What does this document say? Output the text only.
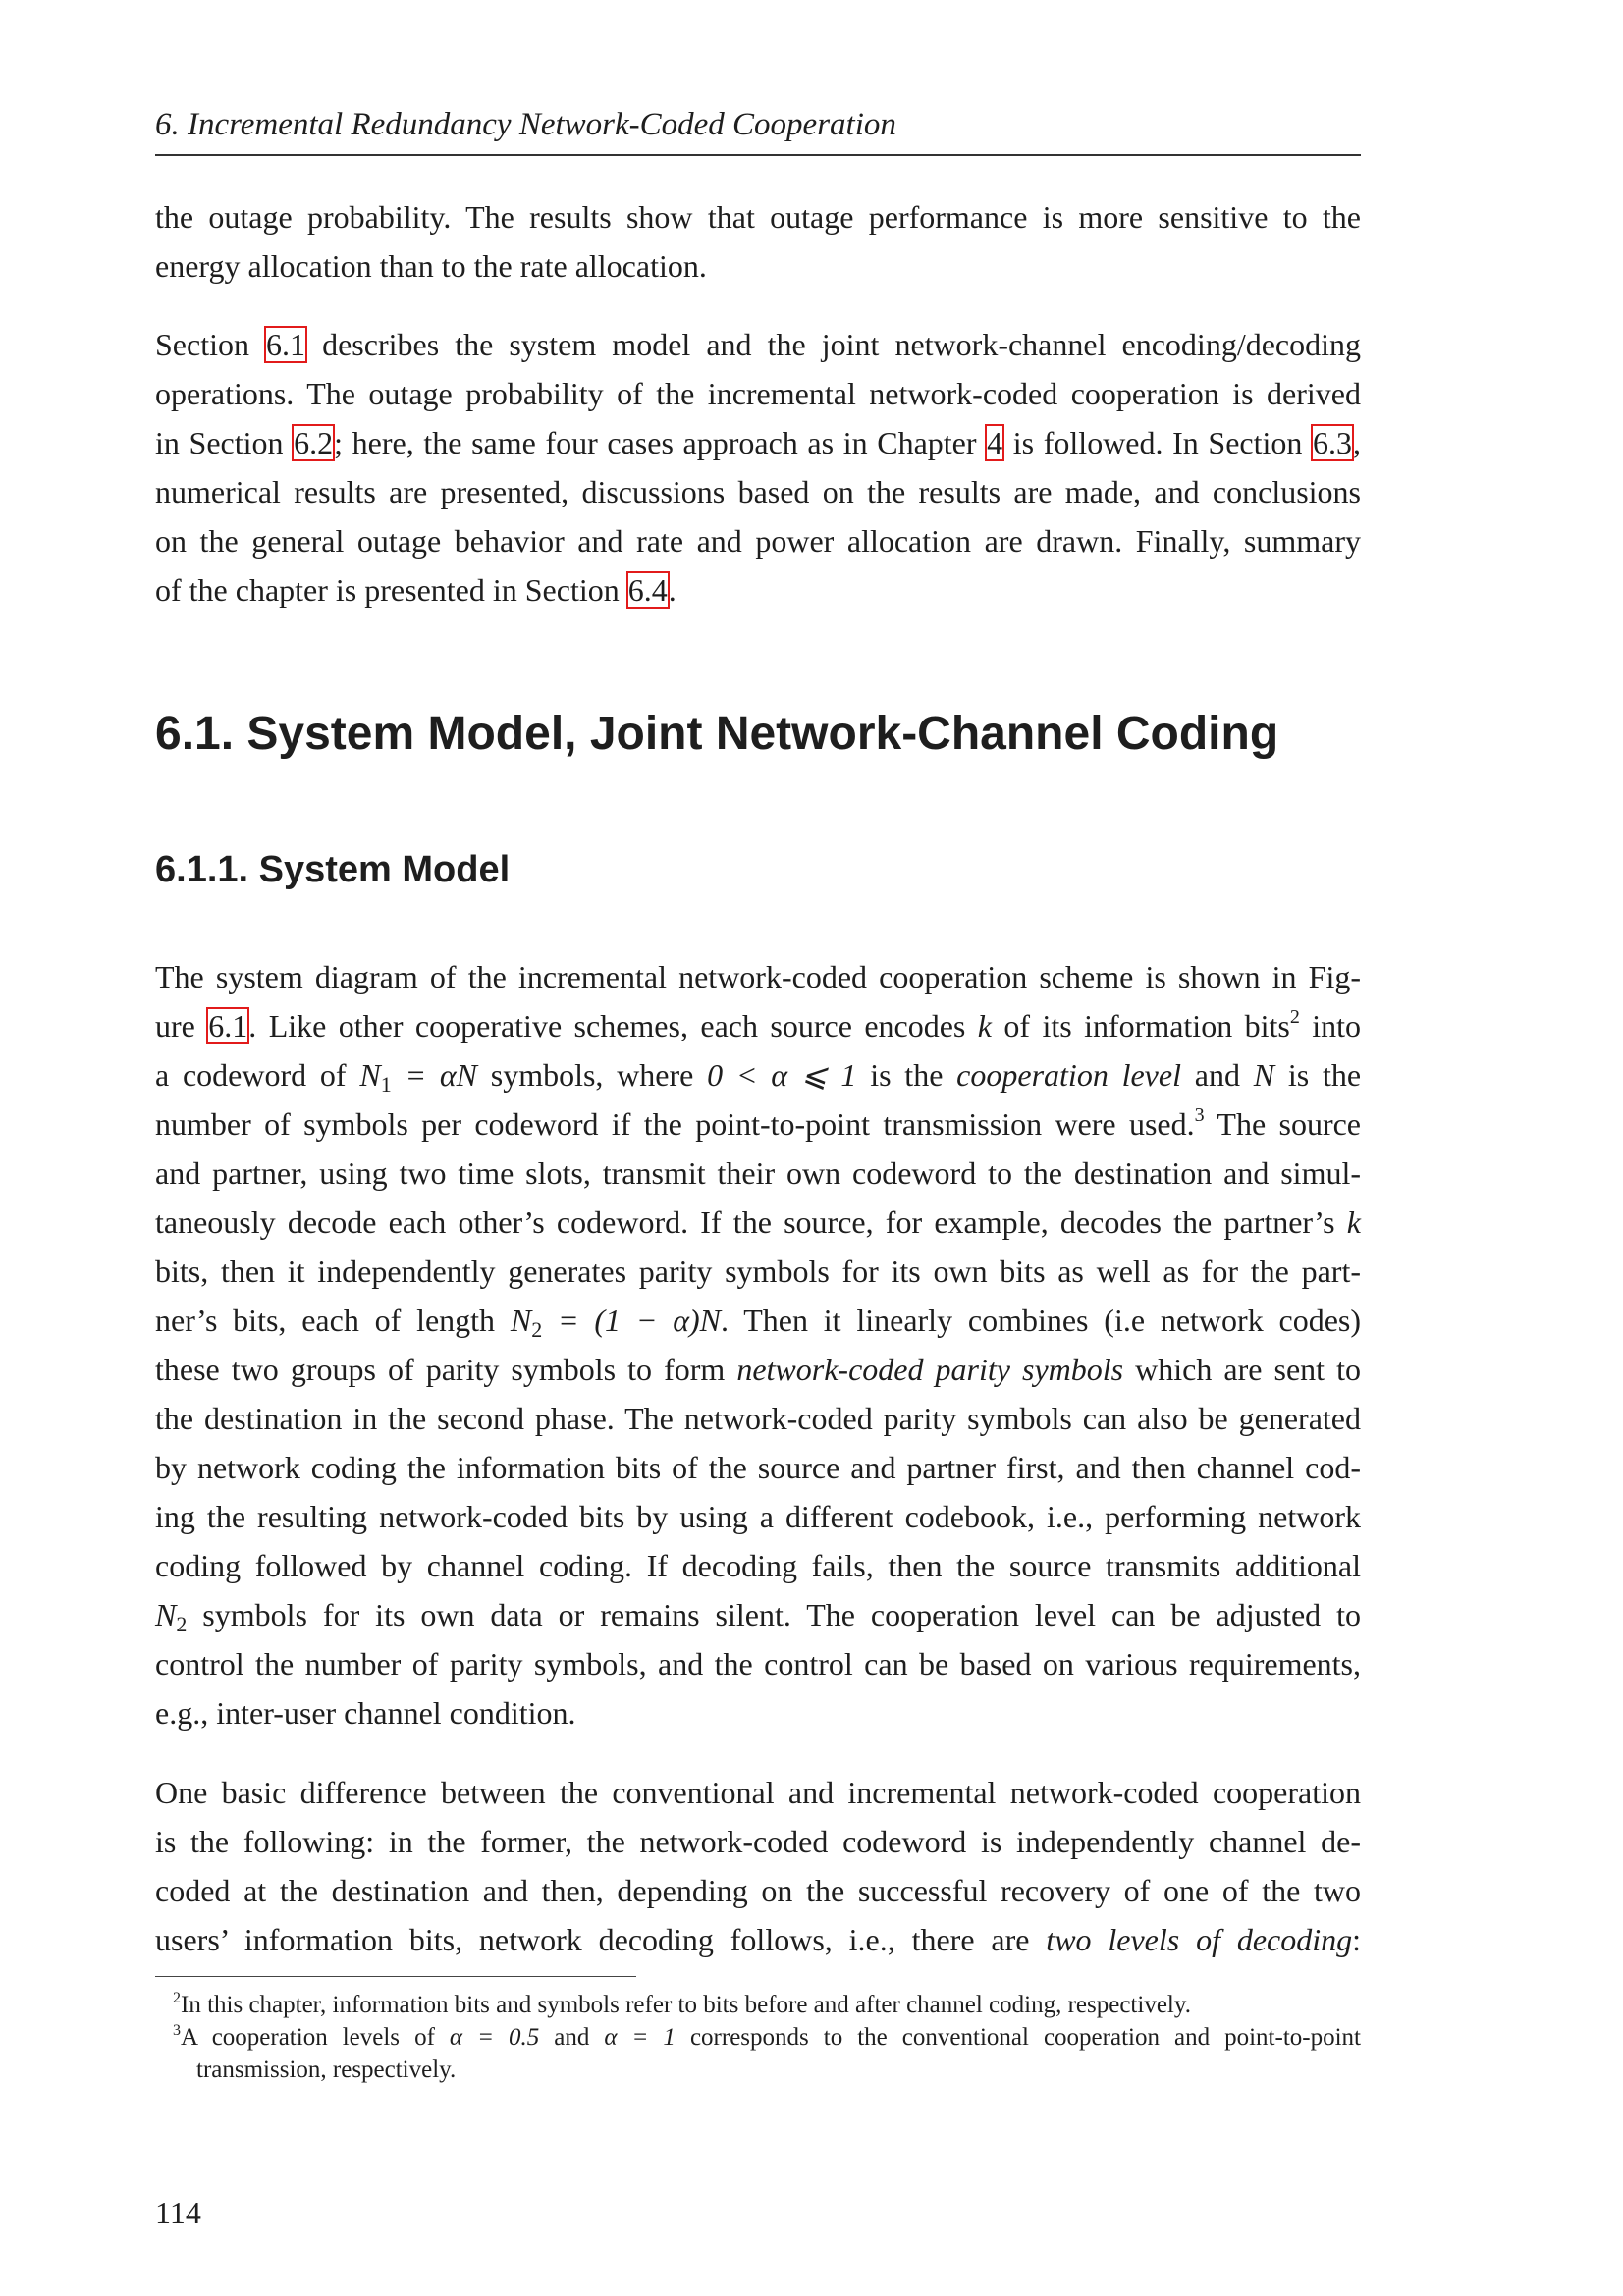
6. Incremental Redundancy Network-Coded Cooperation
the outage probability. The results show that outage performance is more sensitive to the
energy allocation than to the rate allocation.
Section 6.1 describes the system model and the joint network-channel encoding/decoding
operations. The outage probability of the incremental network-coded cooperation is derived
in Section 6.2; here, the same four cases approach as in Chapter 4 is followed. In Section 6.3,
numerical results are presented, discussions based on the results are made, and conclusions
on the general outage behavior and rate and power allocation are drawn. Finally, summary
of the chapter is presented in Section 6.4.
6.1. System Model, Joint Network-Channel Coding
6.1.1. System Model
The system diagram of the incremental network-coded cooperation scheme is shown in Fig-
ure 6.1. Like other cooperative schemes, each source encodes k of its information bits$^2$ into
a codeword of $N_1 = \alpha N$ symbols, where 0 < α ⩽ 1 is the cooperation level and N is the
number of symbols per codeword if the point-to-point transmission were used.$^3$ The source
and partner, using two time slots, transmit their own codeword to the destination and simul-
taneously decode each other’s codeword. If the source, for example, decodes the partner’s k
bits, then it independently generates parity symbols for its own bits as well as for the part-
ner’s bits, each of length $N_2 = (1 - \alpha)N$. Then it linearly combines (i.e network codes)
these two groups of parity symbols to form network-coded parity symbols which are sent to
the destination in the second phase. The network-coded parity symbols can also be generated
by network coding the information bits of the source and partner first, and then channel cod-
ing the resulting network-coded bits by using a different codebook, i.e., performing network
coding followed by channel coding. If decoding fails, then the source transmits additional
$N_2$ symbols for its own data or remains silent. The cooperation level can be adjusted to
control the number of parity symbols, and the control can be based on various requirements,
e.g., inter-user channel condition.
One basic difference between the conventional and incremental network-coded cooperation
is the following: in the former, the network-coded codeword is independently channel de-
coded at the destination and then, depending on the successful recovery of one of the two
users’ information bits, network decoding follows, i.e., there are two levels of decoding:
$^2$In this chapter, information bits and symbols refer to bits before and after channel coding, respectively.
$^3$A cooperation levels of α = 0.5 and α = 1 corresponds to the conventional cooperation and point-to-point
transmission, respectively.
114
